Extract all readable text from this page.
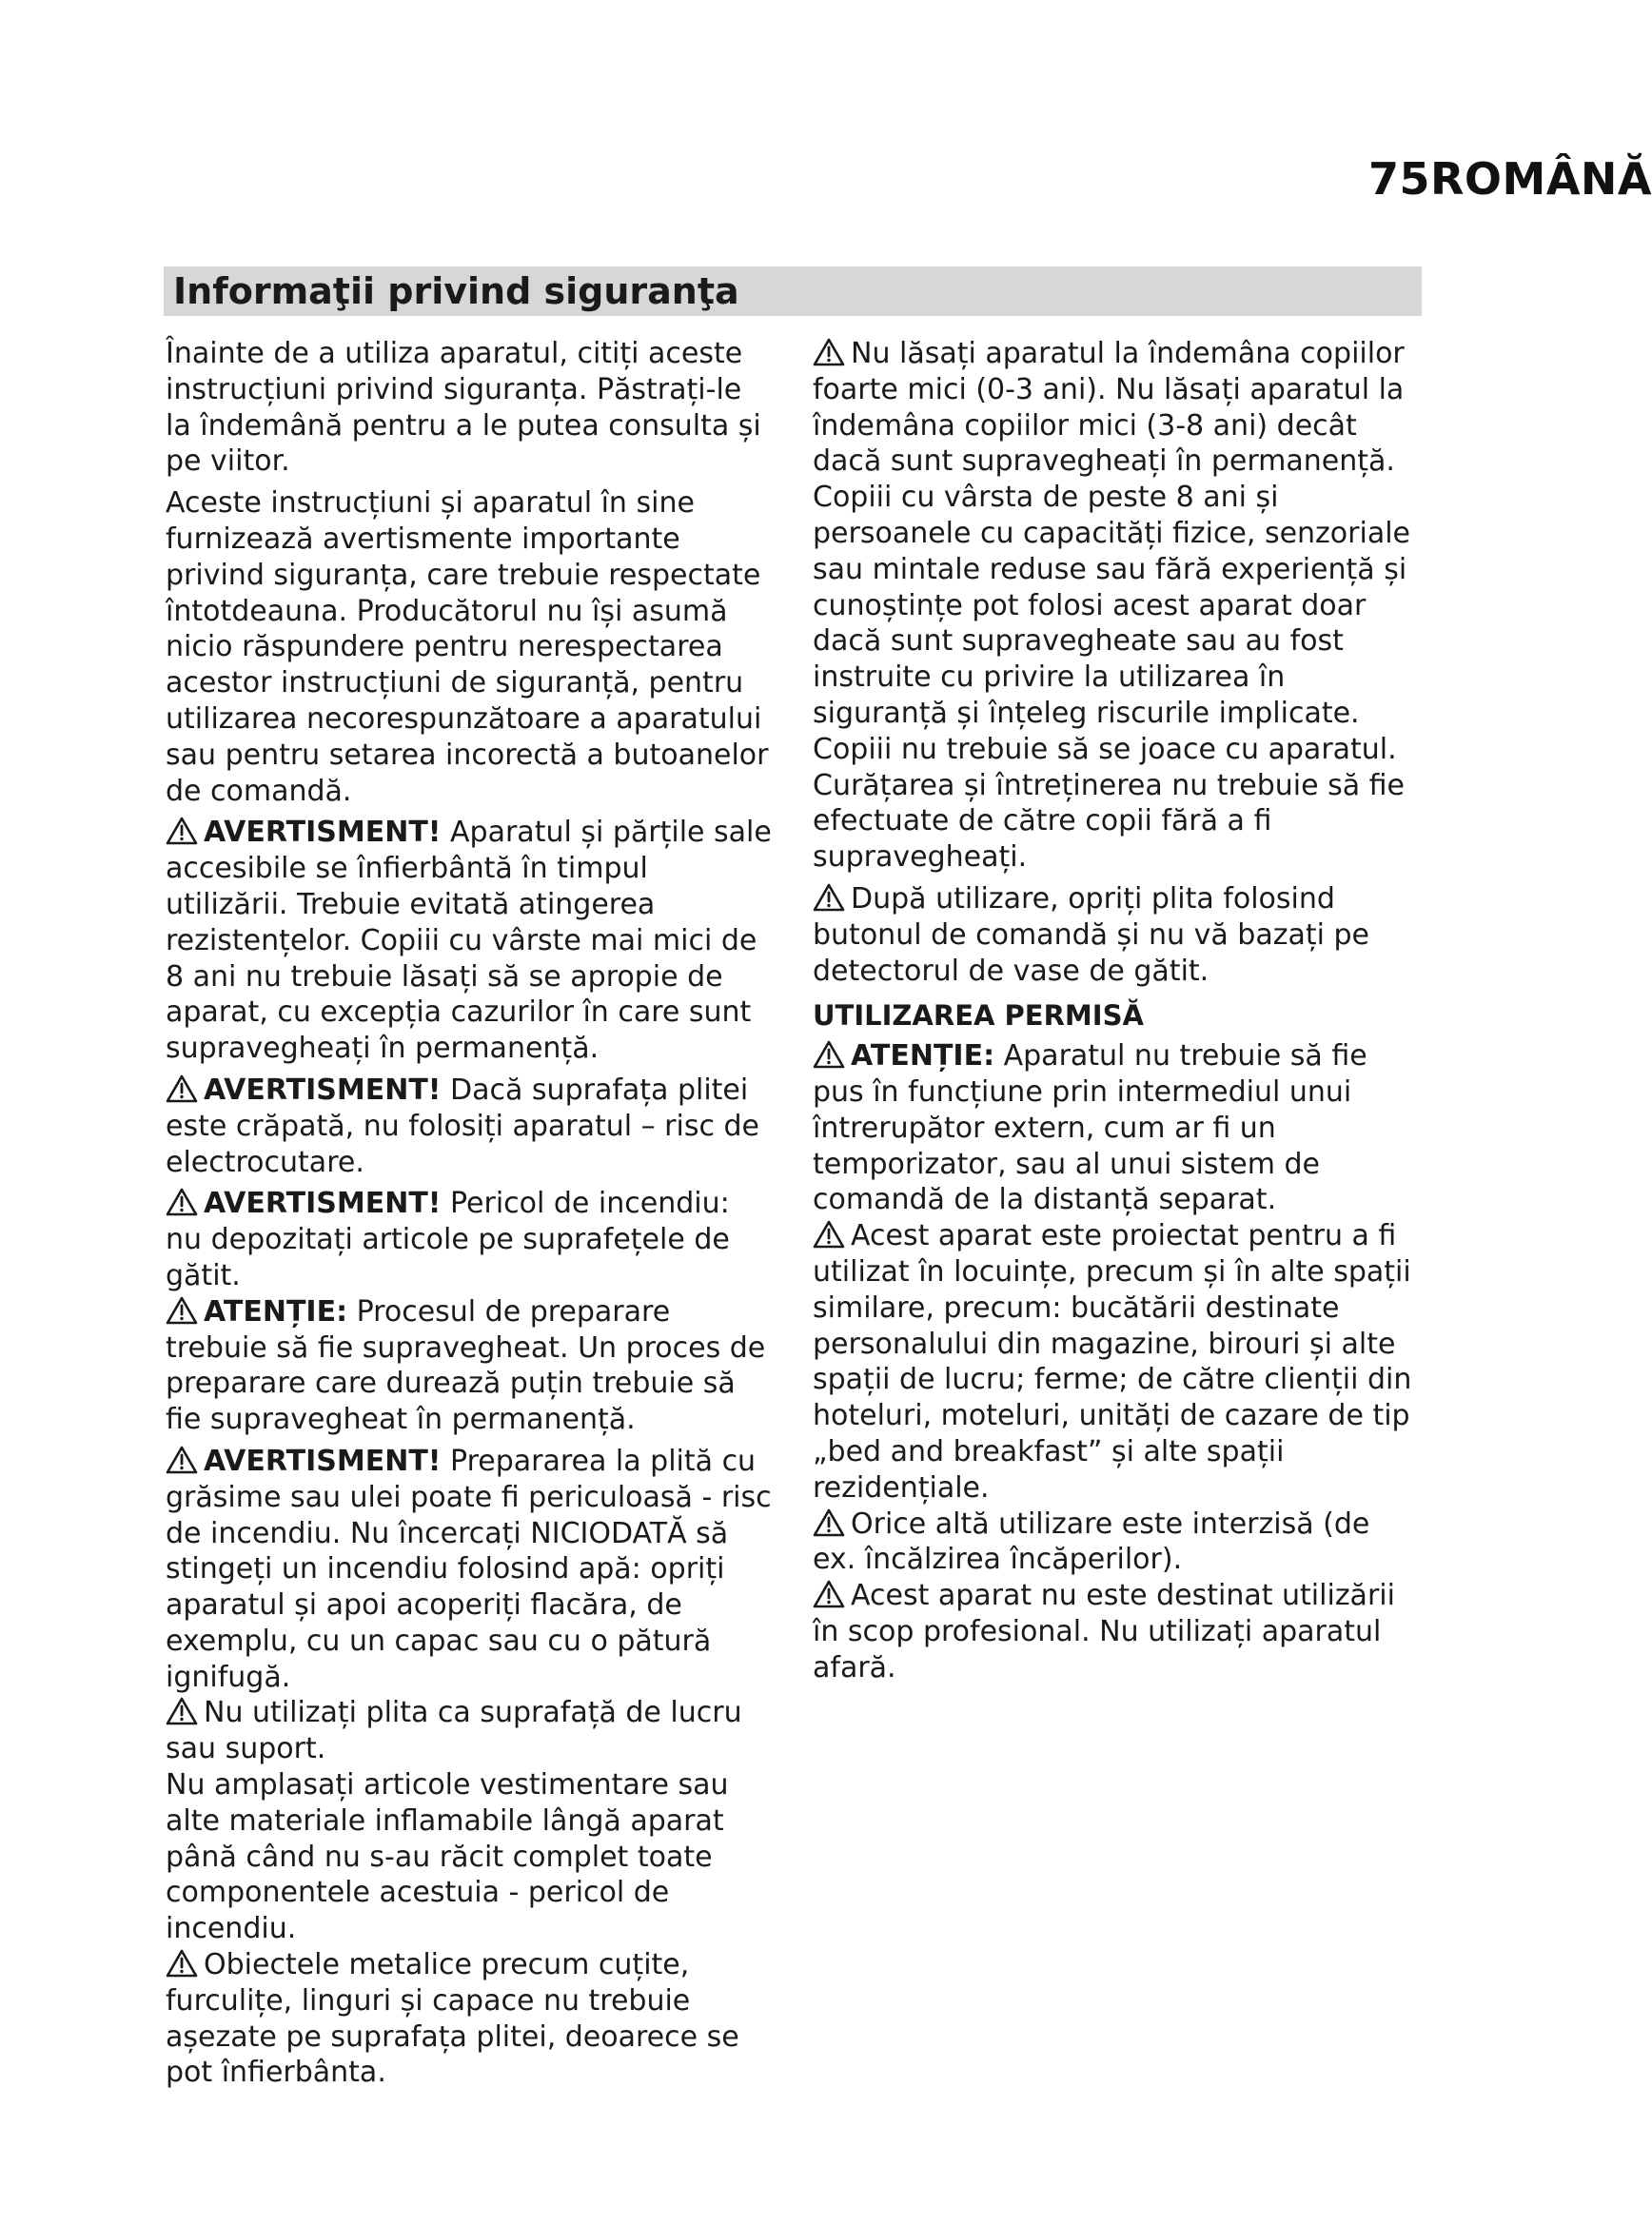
75ROMÂNĂ
Informaţii privind siguranţa

Înainte de a utiliza aparatul, citiți aceste instrucțiuni privind siguranța. Păstrați-le la îndemână pentru a le putea consulta și pe viitor.

Aceste instrucțiuni și aparatul în sine furnizează avertismente importante privind siguranța, care trebuie respectate întotdeauna. Producătorul nu își asumă nicio răspundere pentru nerespectarea acestor instrucțiuni de siguranță, pentru utilizarea necorespunzătoare a aparatului sau pentru setarea incorectă a butoanelor de comandă.

AVERTISMENT! Aparatul și părțile sale accesibile se înfierbântă în timpul utilizării. Trebuie evitată atingerea rezistențelor. Copiii cu vârste mai mici de 8 ani nu trebuie lăsați să se apropie de aparat, cu excepția cazurilor în care sunt supravegheați în permanență.

AVERTISMENT! Dacă suprafața plitei este crăpată, nu folosiți aparatul – risc de electrocutare.

AVERTISMENT! Pericol de incendiu: nu depozitați articole pe suprafețele de gătit.

ATENȚIE: Procesul de preparare trebuie să fie supravegheat. Un proces de preparare care durează puțin trebuie să fie supravegheat în permanență.

AVERTISMENT! Prepararea la plită cu grăsime sau ulei poate fi periculoasă - risc de incendiu. Nu încercați NICIODATĂ să stingeți un incendiu folosind apă: opriți aparatul și apoi acoperiți flacăra, de exemplu, cu un capac sau cu o pătură ignifugă.

Nu utilizați plita ca suprafață de lucru sau suport.

Nu amplasați articole vestimentare sau alte materiale inflamabile lângă aparat până când nu s-au răcit complet toate componentele acestuia - pericol de incendiu.

Obiectele metalice precum cuțite, furculițe, linguri și capace nu trebuie așezate pe suprafața plitei, deoarece se pot înfierbânta.

Nu lăsați aparatul la îndemâna copiilor foarte mici (0-3 ani). Nu lăsați aparatul la îndemâna copiilor mici (3-8 ani) decât dacă sunt supravegheați în permanență. Copiii cu vârsta de peste 8 ani și persoanele cu capacități fizice, senzoriale sau mintale reduse sau fără experiență și cunoștințe pot folosi acest aparat doar dacă sunt supravegheate sau au fost instruite cu privire la utilizarea în siguranță și înțeleg riscurile implicate. Copiii nu trebuie să se joace cu aparatul. Curățarea și întreținerea nu trebuie să fie efectuate de către copii fără a fi supravegheați.

După utilizare, opriți plita folosind butonul de comandă și nu vă bazați pe detectorul de vase de gătit.

UTILIZAREA PERMISĂ

ATENȚIE: Aparatul nu trebuie să fie pus în funcțiune prin intermediul unui întrerupător extern, cum ar fi un temporizator, sau al unui sistem de comandă de la distanță separat.

Acest aparat este proiectat pentru a fi utilizat în locuințe, precum și în alte spații similare, precum: bucătării destinate personalului din magazine, birouri și alte spații de lucru; ferme; de către clienții din hoteluri, moteluri, unități de cazare de tip „bed and breakfast” și alte spații rezidențiale.

Orice altă utilizare este interzisă (de ex. încălzirea încăperilor).

Acest aparat nu este destinat utilizării în scop profesional. Nu utilizați aparatul afară.
